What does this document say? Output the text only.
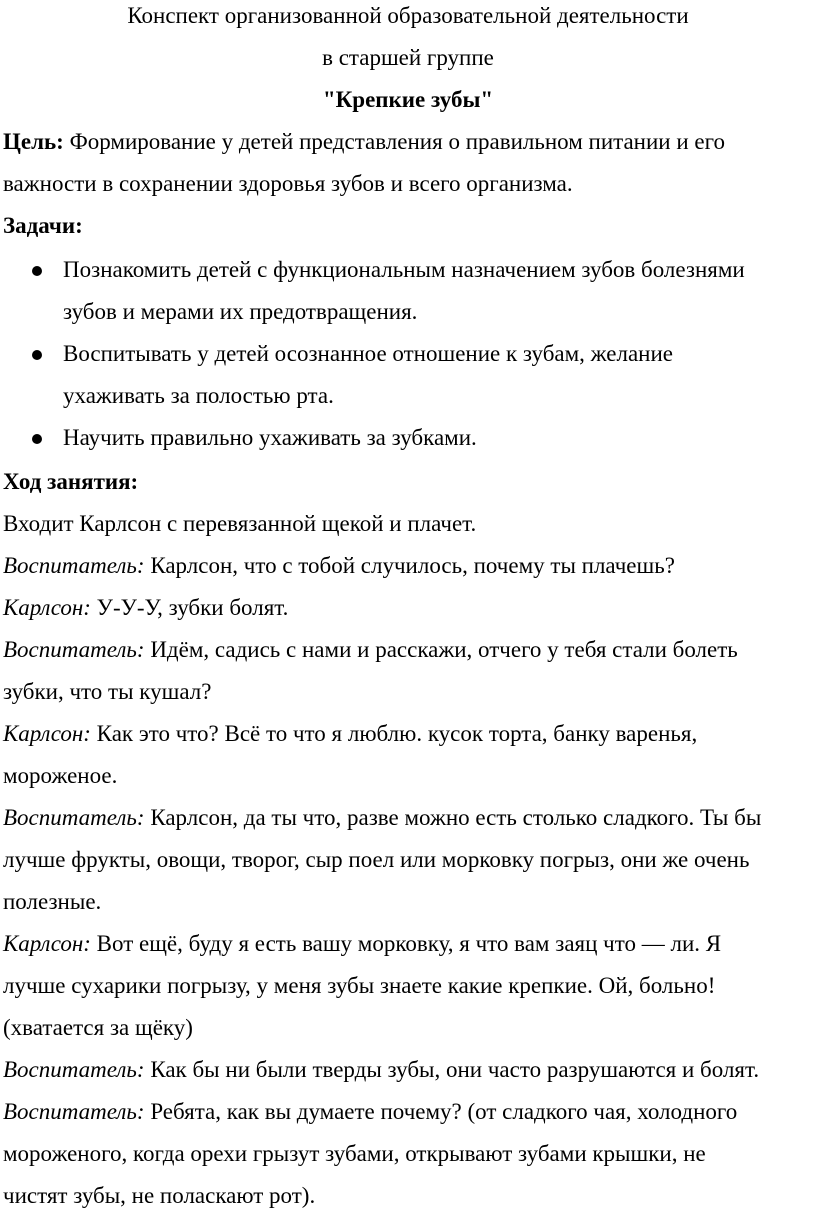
Конспект организованной образовательной деятельности
в старшей группе
"Крепкие зубы"
Цель: Формирование у детей представления о правильном питании и его
важности в сохранении здоровья зубов и всего организма.
Задачи:
Познакомить детей с функциональным назначением зубов болезнями
зубов и мерами их предотвращения.
Воспитывать у детей осознанное отношение к зубам, желание
ухаживать за полостью рта.
Научить правильно ухаживать за зубками.
Ход занятия:
Входит Карлсон с перевязанной щекой и плачет.
Воспитатель: Карлсон, что с тобой случилось, почему ты плачешь?
Карлсон: У-У-У, зубки болят.
Воспитатель: Идём, садись с нами и расскажи, отчего у тебя стали болеть
зубки, что ты кушал?
Карлсон: Как это что? Всё то что я люблю. кусок торта, банку варенья,
мороженое.
Воспитатель: Карлсон, да ты что, разве можно есть столько сладкого. Ты бы
лучше фрукты, овощи, творог, сыр поел или морковку погрыз, они же очень
полезные.
Карлсон: Вот ещё, буду я есть вашу морковку, я что вам заяц что — ли. Я
лучше сухарики погрызу, у меня зубы знаете какие крепкие. Ой, больно!
(хватается за щёку)
Воспитатель: Как бы ни были тверды зубы, они часто разрушаются и болят.
Воспитатель: Ребята, как вы думаете почему? (от сладкого чая, холодного
мороженого, когда орехи грызут зубами, открывают зубами крышки, не
чистят зубы, не поласкают рот).
